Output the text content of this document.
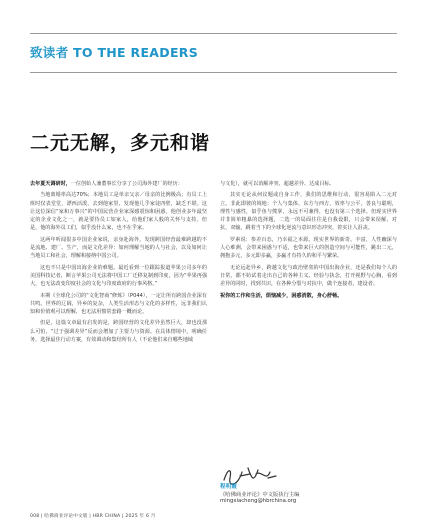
致读者 TO THE READERS
二元无解，多元和谐

去年夏天调研时，一位创始人兼董事长分享了公司海外建厂的经历：

当地离婚率高达70%；本地员工是单亲父亲／母亲的比例极高；有员工上班时仅表堂堂，漂西活泼，去到他家里，发现他几乎家徒四壁，缺乏不堪。这让这位深信“家和万事兴”的中国民营企业家深感震惊和困惑。他创业多年最坚定的企业文化之一，就是要待员工如家人，给他们家人般的关怀与支持。但是，他的海外员工们，似乎没什么家，也不在乎家。

这两年听闻很多中国企业家说，亲身赴海外，发现跨国经营最难跨越的不是流地、建厂、生产，而是文化差异：如何理解当地的人与社会，以及如何让当地员工和社会，理解和接纳中国公司。

这也不只是中国出海企业的难题。最近看到一位跟踪报道苹果公司多年的美国科技记者，断言苹果公司无法将中国工厂迁移复制到印度，因为“苹果再强大，也无法改变印度社会的文化与印度政府的行事风格。”

本期《全球化公司的“文化智商”修炼》（P044），一定让所有跨国企业深有共鸣。世界的辽阔，异乡的复杂，人类生活形态与文化的多样性，远非我们认知和价值观可以理解，也无法用惯常套路一概而论。

但是，这篇文章最有启发的是，跨国经营的文化差异虽然巨大，却也没那么可怕，“过于强调差异”反而会增加了主要力与资源。在具体情境中，明确任务，选择最佳行动方案，有效调动和集结所有人（不论他们来自哪些地域

与文化），就可以消解冲突、超越差异、达成目标。

其实无论从何议题或自身工作，我们的思维和行动，很容易陷入二元对立。非此即彼的境地：个人与集体，东方与西方，效率与公平，善良与聪明，理性与感性，似乎鱼与熊掌，永远不可兼得，也没有第三个选择。但现实世界并非简单粗暴的选择题，二选一的局面往往是自我设限，只会带来误解、对抗、双输。跳着当下的全球化逆流与意识形态冲突，着实让人沮丧。

罗素说：参差百态，乃幸福之本源。现实世界的新奇、丰富，人性幽深与人心难测，会带来困惑与不适，也带来巨大的创造空间与可能性，跳出二元，拥抱多元，多元即多赢，多赢才有持久的和平与繁荣。

无论远赴异乡，跨越文化与政治壁垒的中国出海企业，还是我们每个人的日常，都不妨试着走出自己的各种主义、经验与执念，打开视野与心胸，看到差异的同时，找到共识，在各种分裂与对抗中，做个连接者、建设者。

祝你的工作和生活，烦恼减少，困惑消散，身心舒畅。

程明霞
《哈佛商业评论》中文版执行主编
mingxiacheng@hbrchina.org
008 | 哈佛商业评论中文版 | HBR CHINA | 2025 年 6 月
